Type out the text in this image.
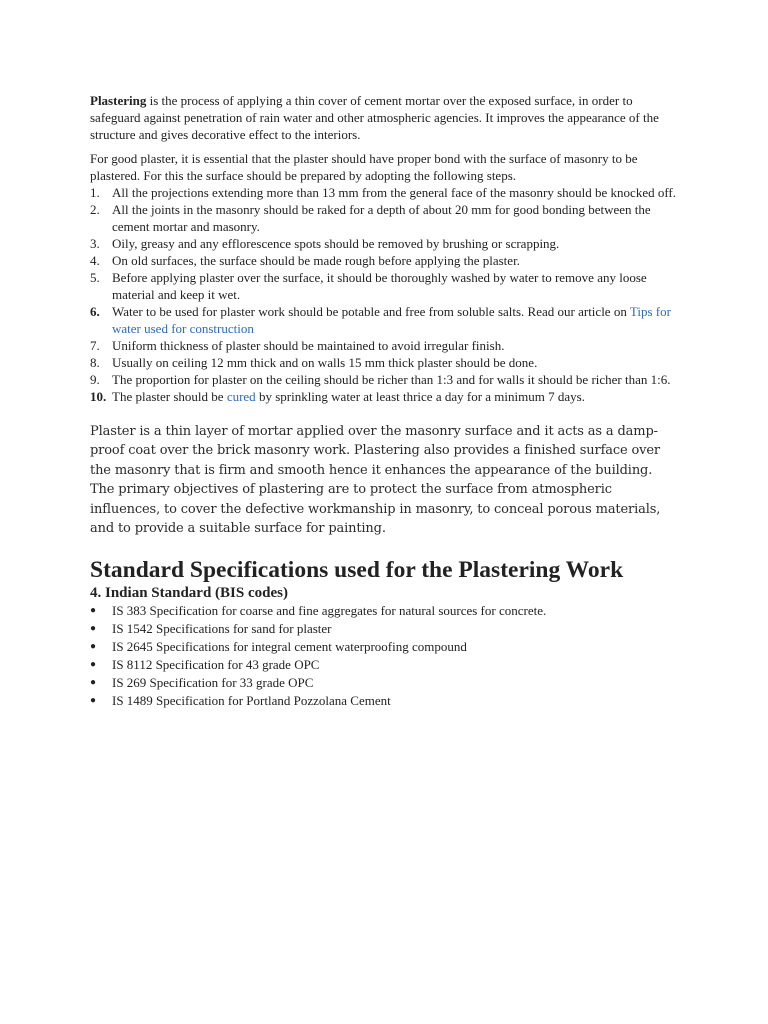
Plastering is the process of applying a thin cover of cement mortar over the exposed surface, in order to safeguard against penetration of rain water and other atmospheric agencies. It improves the appearance of the structure and gives decorative effect to the interiors.

For good plaster, it is essential that the plaster should have proper bond with the surface of masonry to be plastered. For this the surface should be prepared by adopting the following steps.

1. All the projections extending more than 13 mm from the general face of the masonry should be knocked off.
2. All the joints in the masonry should be raked for a depth of about 20 mm for good bonding between the cement mortar and masonry.
3. Oily, greasy and any efflorescence spots should be removed by brushing or scrapping.
4. On old surfaces, the surface should be made rough before applying the plaster.
5. Before applying plaster over the surface, it should be thoroughly washed by water to remove any loose material and keep it wet.
6. Water to be used for plaster work should be potable and free from soluble salts. Read our article on Tips for water used for construction
7. Uniform thickness of plaster should be maintained to avoid irregular finish.
8. Usually on ceiling 12 mm thick and on walls 15 mm thick plaster should be done.
9. The proportion for plaster on the ceiling should be richer than 1:3 and for walls it should be richer than 1:6.
10. The plaster should be cured by sprinkling water at least thrice a day for a minimum 7 days.

Plaster is a thin layer of mortar applied over the masonry surface and it acts as a damp-proof coat over the brick masonry work. Plastering also provides a finished surface over the masonry that is firm and smooth hence it enhances the appearance of the building. The primary objectives of plastering are to protect the surface from atmospheric influences, to cover the defective workmanship in masonry, to conceal porous materials, and to provide a suitable surface for painting.

Standard Specifications used for the Plastering Work
4. Indian Standard (BIS codes)
● IS 383 Specification for coarse and fine aggregates for natural sources for concrete.
● IS 1542 Specifications for sand for plaster
● IS 2645 Specifications for integral cement waterproofing compound
● IS 8112 Specification for 43 grade OPC
● IS 269 Specification for 33 grade OPC
● IS 1489 Specification for Portland Pozzolana Cement
